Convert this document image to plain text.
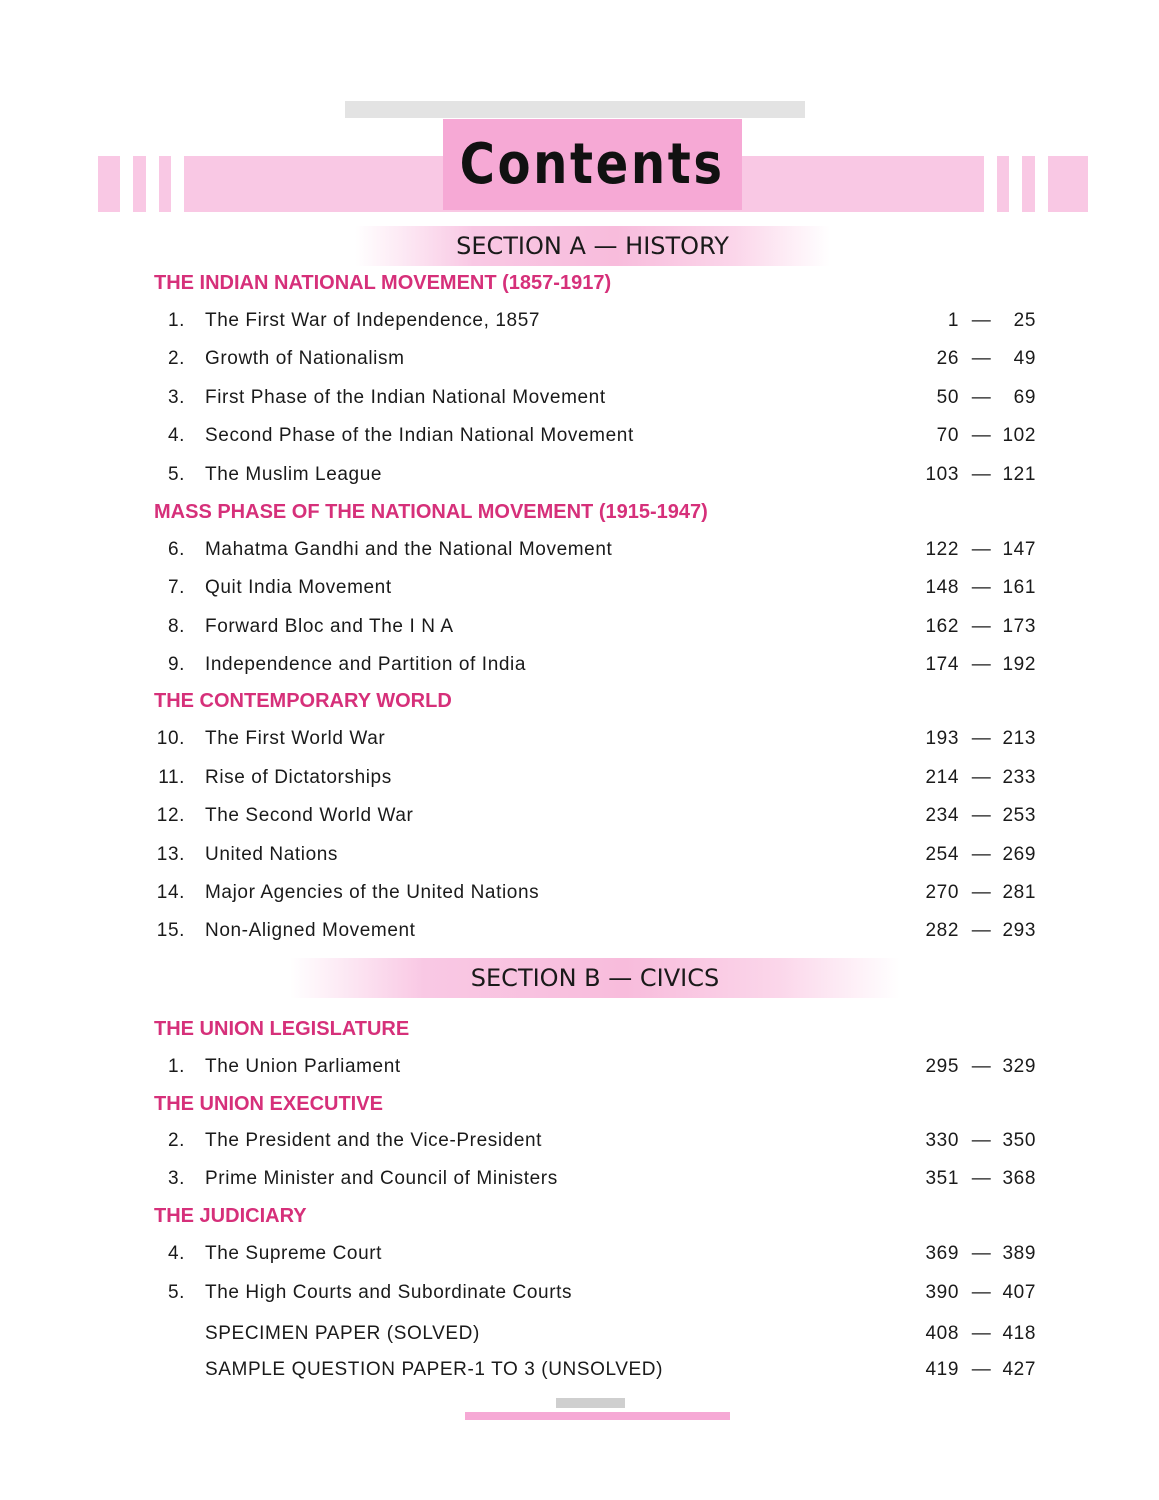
Contents
SECTION A — HISTORY
THE INDIAN NATIONAL MOVEMENT (1857-1917)
1. The First War of Independence, 1857	1 — 25
2. Growth of Nationalism	26 — 49
3. First Phase of the Indian National Movement	50 — 69
4. Second Phase of the Indian National Movement	70 — 102
5. The Muslim League	103 — 121
MASS PHASE OF THE NATIONAL MOVEMENT (1915-1947)
6. Mahatma Gandhi and the National Movement	122 — 147
7. Quit India Movement	148 — 161
8. Forward Bloc and The I N A	162 — 173
9. Independence and Partition of India	174 — 192
THE CONTEMPORARY WORLD
10. The First World War	193 — 213
11. Rise of Dictatorships	214 — 233
12. The Second World War	234 — 253
13. United Nations	254 — 269
14. Major Agencies of the United Nations	270 — 281
15. Non-Aligned Movement	282 — 293
SECTION B — CIVICS
THE UNION LEGISLATURE
1. The Union Parliament	295 — 329
THE UNION EXECUTIVE
2. The President and the Vice-President	330 — 350
3. Prime Minister and Council of Ministers	351 — 368
THE JUDICIARY
4. The Supreme Court	369 — 389
5. The High Courts and Subordinate Courts	390 — 407
SPECIMEN PAPER (SOLVED)	408 — 418
SAMPLE QUESTION PAPER-1 TO 3 (UNSOLVED)	419 — 427
